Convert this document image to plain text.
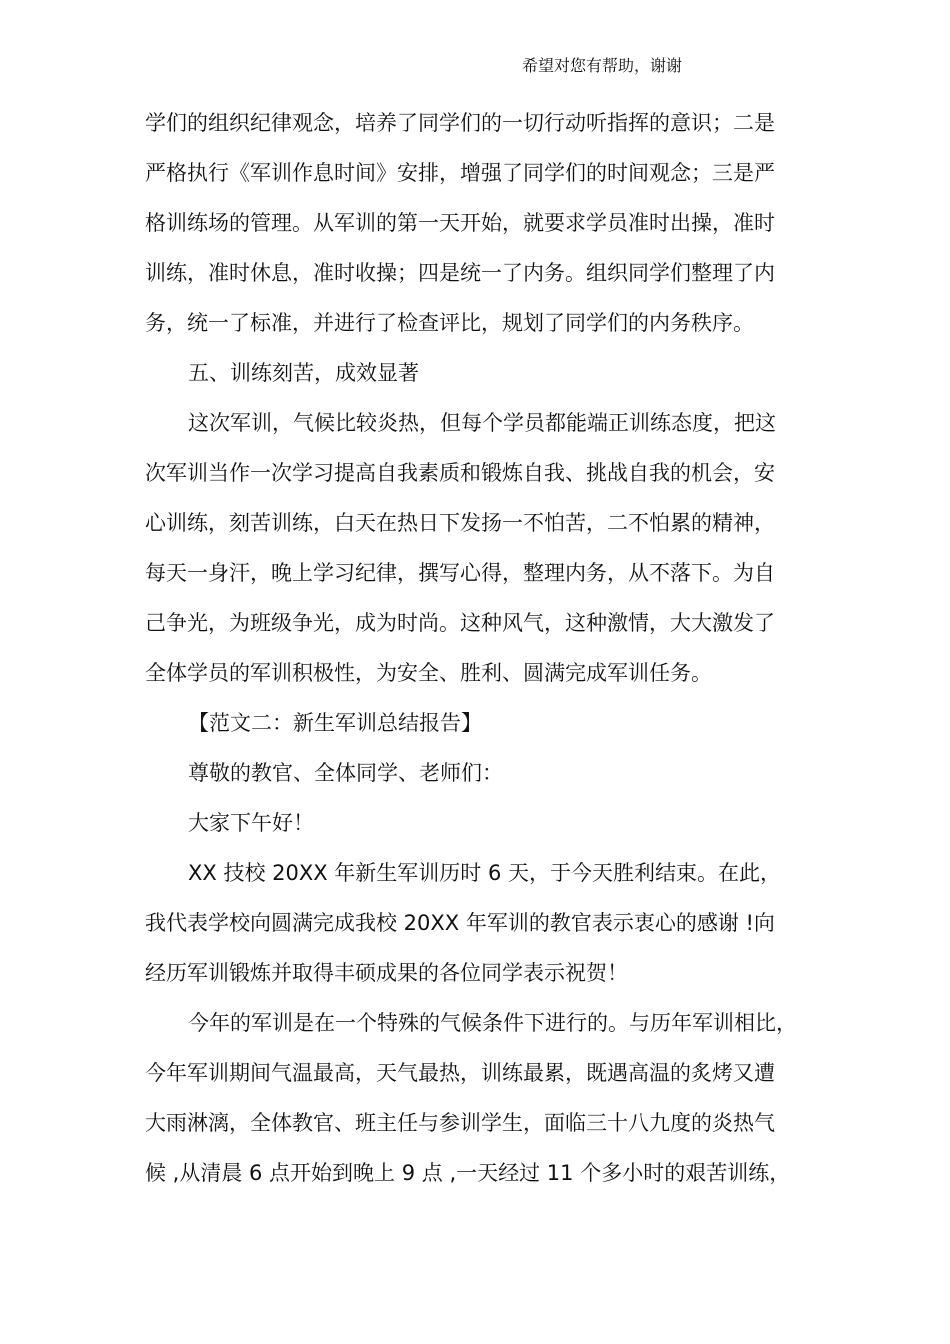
希望对您有帮助，谢谢
学们的组织纪律观念，培养了同学们的一切行动听指挥的意识；二是
严格执行《军训作息时间》安排，增强了同学们的时间观念；三是严
格训练场的管理。从军训的第一天开始，就要求学员准时出操，准时
训练，准时休息，准时收操；四是统一了内务。组织同学们整理了内
务，统一了标准，并进行了检查评比，规划了同学们的内务秩序。
五、训练刻苦，成效显著
这次军训，气候比较炎热，但每个学员都能端正训练态度，把这
次军训当作一次学习提高自我素质和锻炼自我、挑战自我的机会，安
心训练，刻苦训练，白天在热日下发扬一不怕苦，二不怕累的精神，
每天一身汗，晚上学习纪律，撰写心得，整理内务，从不落下。为自
己争光，为班级争光，成为时尚。这种风气，这种激情，大大激发了
全体学员的军训积极性，为安全、胜利、圆满完成军训任务。
【范文二：新生军训总结报告】
尊敬的教官、全体同学、老师们：
大家下午好！
XX 技校 20XX 年新生军训历时 6 天，于今天胜利结束。在此，
我代表学校向圆满完成我校 20XX 年军训的教官表示衷心的感谢 !向
经历军训锻炼并取得丰硕成果的各位同学表示祝贺！
今年的军训是在一个特殊的气候条件下进行的。与历年军训相比，
今年军训期间气温最高，天气最热，训练最累，既遇高温的炙烤又遭
大雨淋漓，全体教官、班主任与参训学生，面临三十八九度的炎热气
候 ,从清晨 6 点开始到晚上 9 点 ,一天经过 11 个多小时的艰苦训练，
